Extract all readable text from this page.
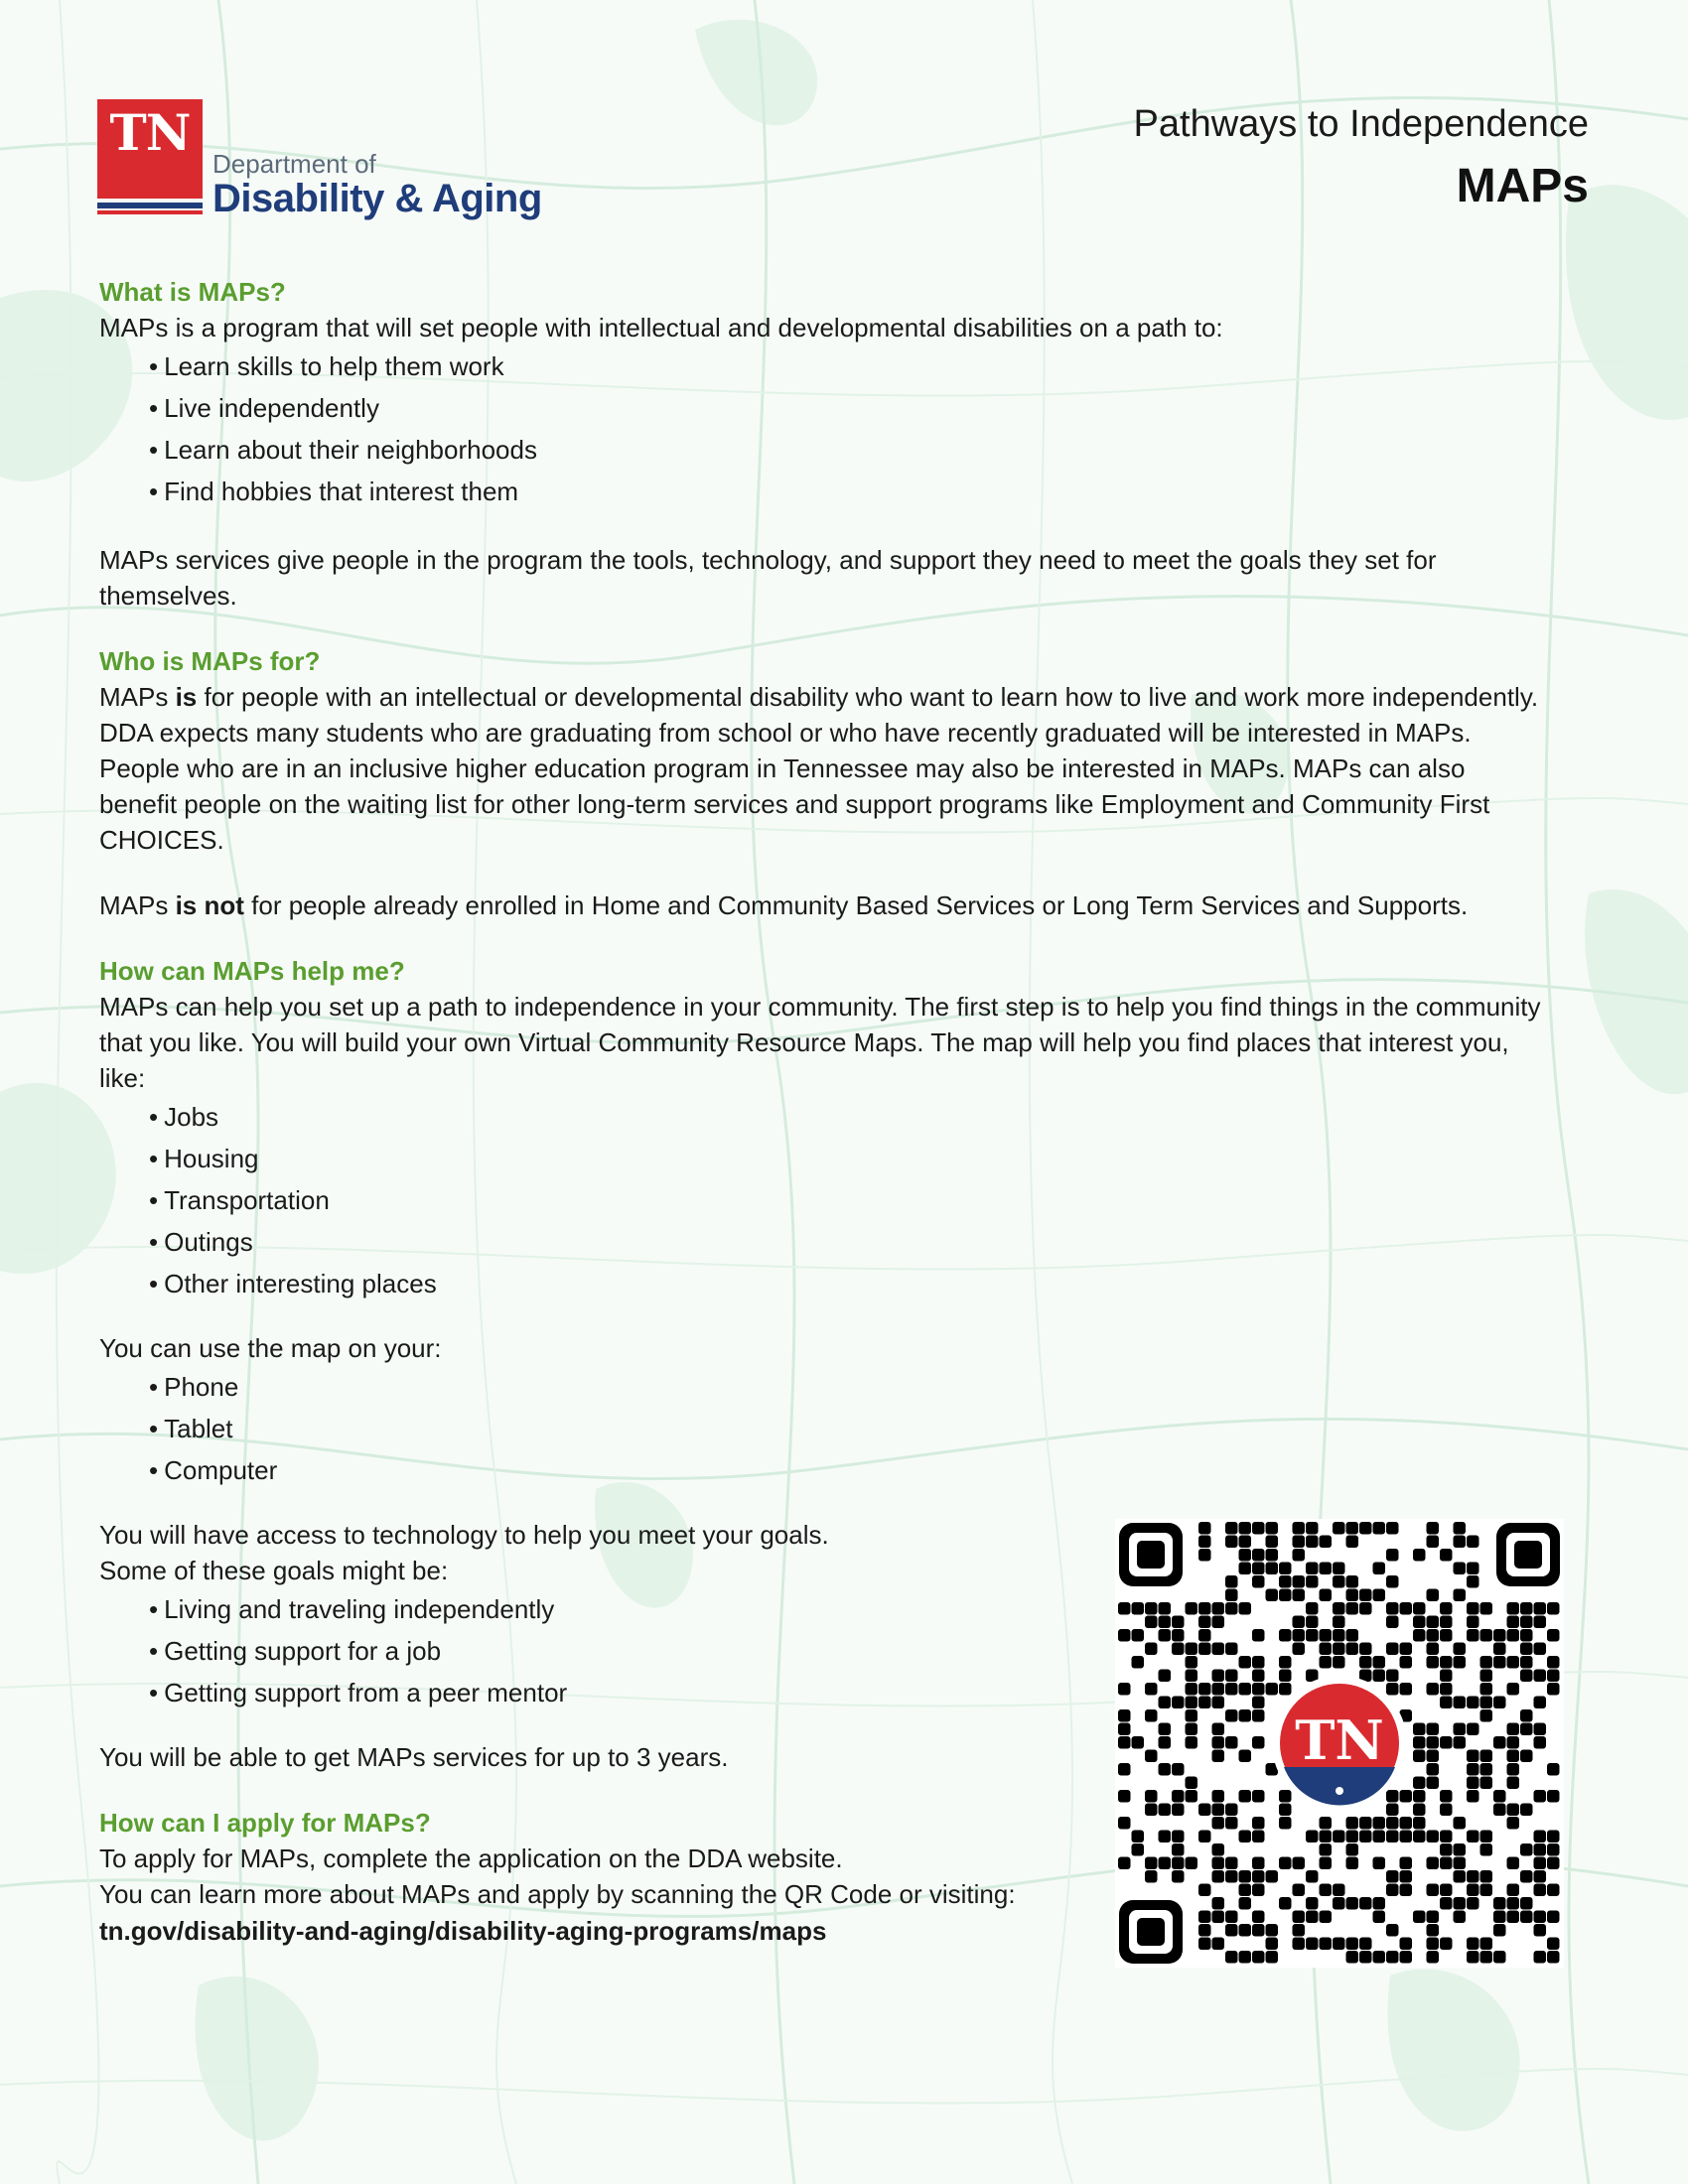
TN
Department of
Disability & Aging
Pathways to Independence
MAPs

What is MAPs?

MAPs is a program that will set people with intellectual and developmental disabilities on a path to:

• Learn skills to help them work
• Live independently
• Learn about their neighborhoods
• Find hobbies that interest them

MAPs services give people in the program the tools, technology, and support they need to meet the goals they set for themselves.

Who is MAPs for?

MAPs is for people with an intellectual or developmental disability who want to learn how to live and work more independently. DDA expects many students who are graduating from school or who have recently graduated will be interested in MAPs. People who are in an inclusive higher education program in Tennessee may also be interested in MAPs. MAPs can also benefit people on the waiting list for other long-term services and support programs like Employment and Community First CHOICES.

MAPs is not for people already enrolled in Home and Community Based Services or Long Term Services and Supports.

How can MAPs help me?

MAPs can help you set up a path to independence in your community. The first step is to help you find things in the community that you like. You will build your own Virtual Community Resource Maps. The map will help you find places that interest you, like:

• Jobs
• Housing
• Transportation
• Outings
• Other interesting places

You can use the map on your:

• Phone
• Tablet
• Computer

You will have access to technology to help you meet your goals.

Some of these goals might be:

• Living and traveling independently
• Getting support for a job
• Getting support from a peer mentor

You will be able to get MAPs services for up to 3 years.

How can I apply for MAPs?

To apply for MAPs, complete the application on the DDA website.

You can learn more about MAPs and apply by scanning the QR Code or visiting:

tn.gov/disability-and-aging/disability-aging-programs/maps

TN
